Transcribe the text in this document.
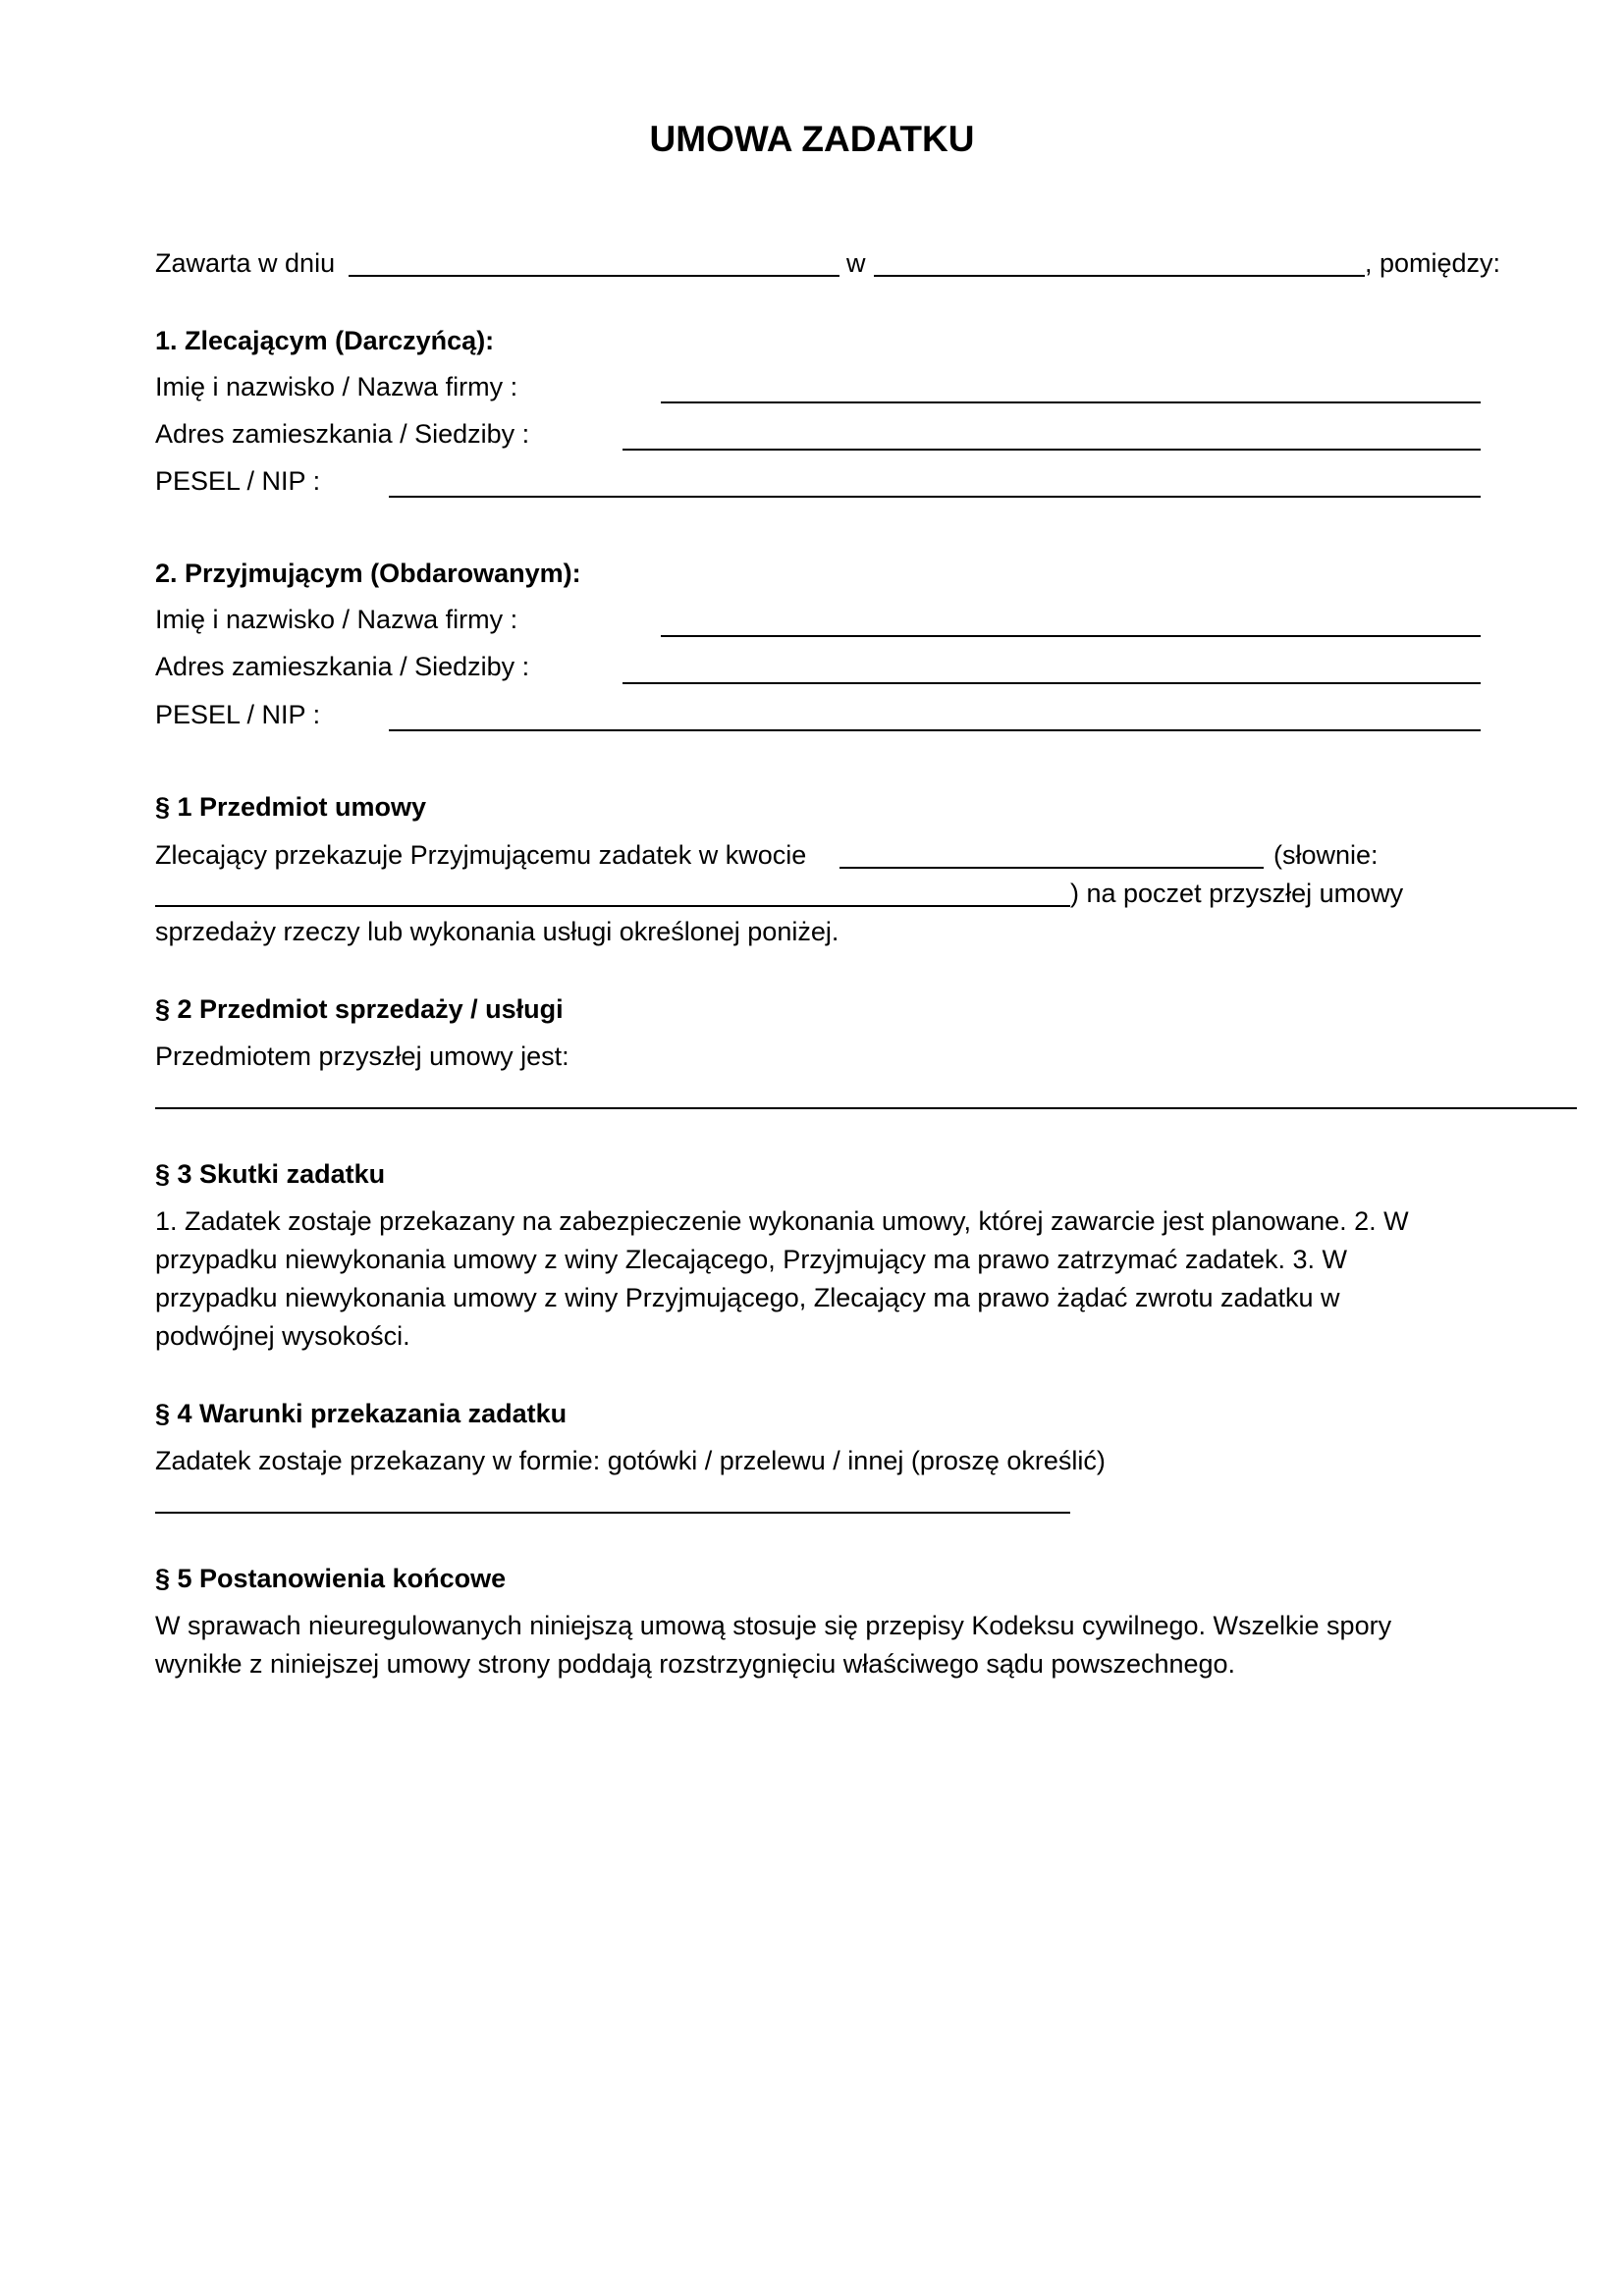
UMOWA ZADATKU
Zawarta w dniu	w	, pomiędzy:
1. Zlecającym (Darczyńcą):
Imię i nazwisko / Nazwa firmy :
Adres zamieszkania / Siedziby :
PESEL / NIP :
2. Przyjmującym (Obdarowanym):
Imię i nazwisko / Nazwa firmy :
Adres zamieszkania / Siedziby :
PESEL / NIP :
§ 1 Przedmiot umowy
Zlecający przekazuje Przyjmującemu zadatek w kwocie	(słownie:
) na poczet przyszłej umowy
sprzedaży rzeczy lub wykonania usługi określonej poniżej.
§ 2 Przedmiot sprzedaży / usługi
Przedmiotem przyszłej umowy jest:
§ 3 Skutki zadatku
1. Zadatek zostaje przekazany na zabezpieczenie wykonania umowy, której zawarcie jest planowane. 2. W
przypadku niewykonania umowy z winy Zlecającego, Przyjmujący ma prawo zatrzymać zadatek. 3. W
przypadku niewykonania umowy z winy Przyjmującego, Zlecający ma prawo żądać zwrotu zadatku w
podwójnej wysokości.
§ 4 Warunki przekazania zadatku
Zadatek zostaje przekazany w formie: gotówki / przelewu / innej (proszę określić)
§ 5 Postanowienia końcowe
W sprawach nieuregulowanych niniejszą umową stosuje się przepisy Kodeksu cywilnego. Wszelkie spory
wynikłe z niniejszej umowy strony poddają rozstrzygnięciu właściwego sądu powszechnego.
